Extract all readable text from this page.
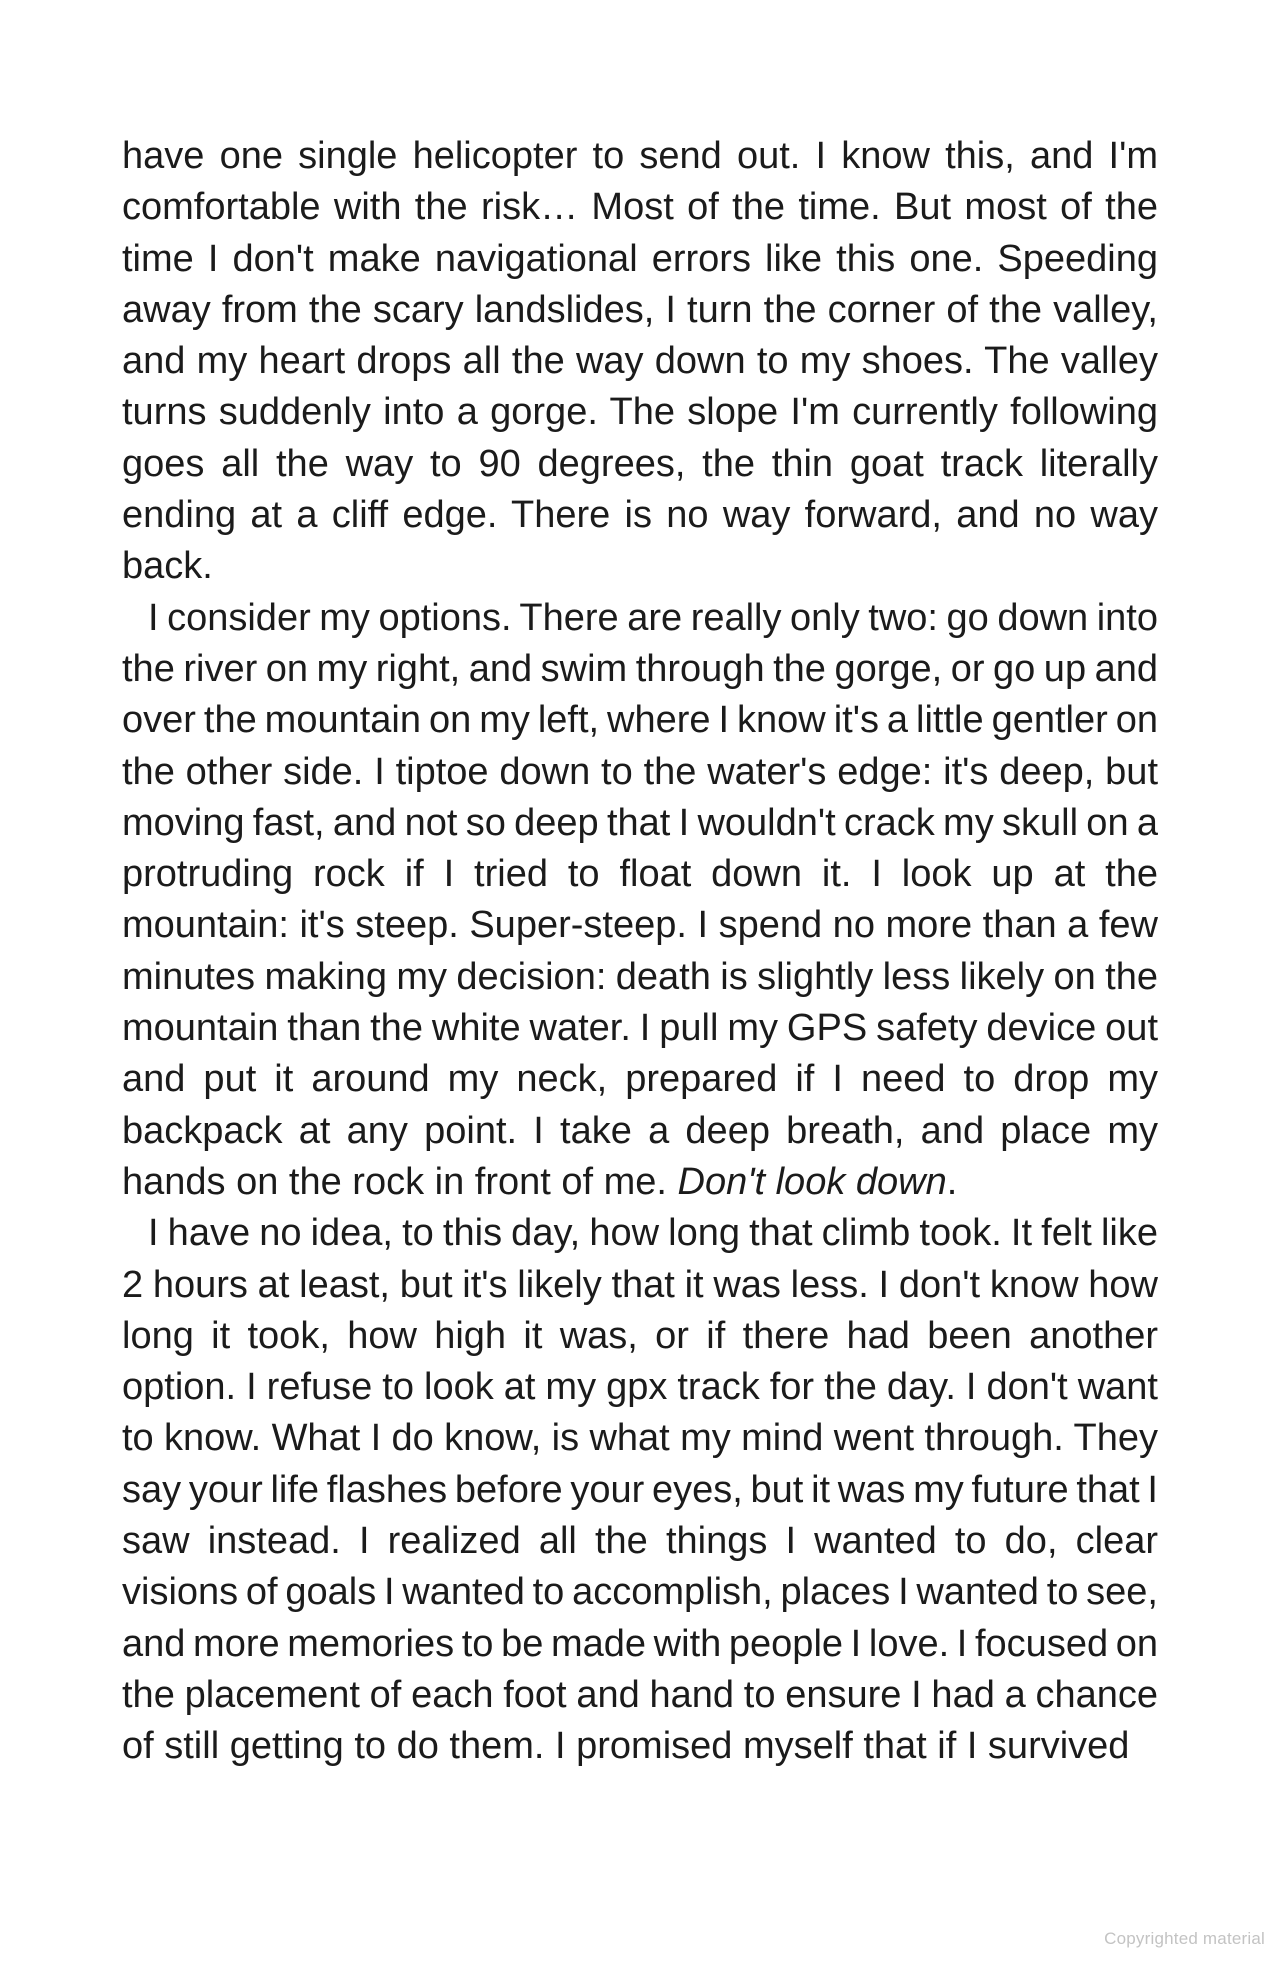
have one single helicopter to send out. I know this, and I'm
comfortable with the risk… Most of the time. But most of the
time I don't make navigational errors like this one. Speeding
away from the scary landslides, I turn the corner of the valley,
and my heart drops all the way down to my shoes. The valley
turns suddenly into a gorge. The slope I'm currently following
goes all the way to 90 degrees, the thin goat track literally
ending at a cliff edge. There is no way forward, and no way
back.
I consider my options. There are really only two: go down into
the river on my right, and swim through the gorge, or go up and
over the mountain on my left, where I know it's a little gentler on
the other side. I tiptoe down to the water's edge: it's deep, but
moving fast, and not so deep that I wouldn't crack my skull on a
protruding rock if I tried to float down it. I look up at the
mountain: it's steep. Super-steep. I spend no more than a few
minutes making my decision: death is slightly less likely on the
mountain than the white water. I pull my GPS safety device out
and put it around my neck, prepared if I need to drop my
backpack at any point. I take a deep breath, and place my
hands on the rock in front of me. Don't look down.
I have no idea, to this day, how long that climb took. It felt like
2 hours at least, but it's likely that it was less. I don't know how
long it took, how high it was, or if there had been another
option. I refuse to look at my gpx track for the day. I don't want
to know. What I do know, is what my mind went through. They
say your life flashes before your eyes, but it was my future that I
saw instead. I realized all the things I wanted to do, clear
visions of goals I wanted to accomplish, places I wanted to see,
and more memories to be made with people I love. I focused on
the placement of each foot and hand to ensure I had a chance
of still getting to do them. I promised myself that if I survived
Copyrighted material
